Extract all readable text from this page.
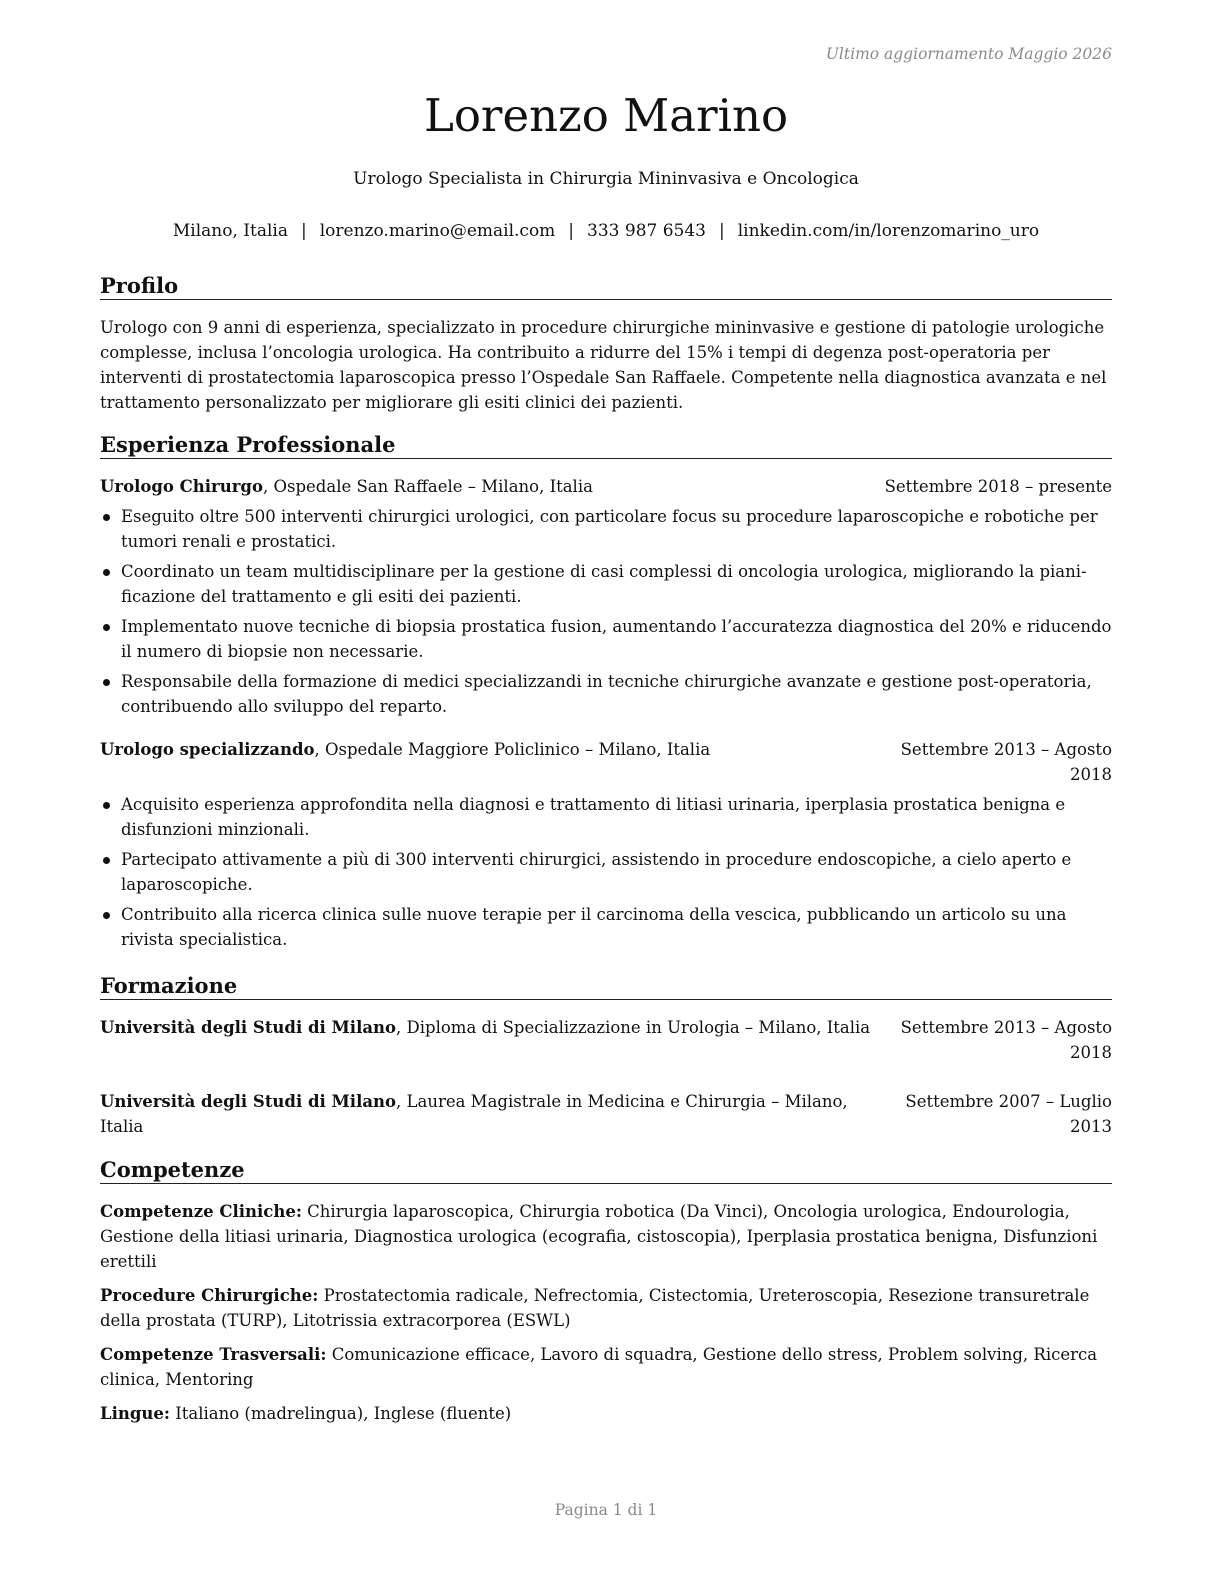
Ultimo aggiornamento Maggio 2026
Lorenzo Marino
Urologo Specialista in Chirurgia Mininvasiva e Oncologica
Milano, Italia | lorenzo.marino@email.com | 333 987 6543 | linkedin.com/in/lorenzomarino_uro
Profilo
Urologo con 9 anni di esperienza, specializzato in procedure chirurgiche mininvasive e gestione di patologie urologiche
complesse, inclusa l’oncologia urologica. Ha contribuito a ridurre del 15% i tempi di degenza post-operatoria per
interventi di prostatectomia laparoscopica presso l’Ospedale San Raffaele. Competente nella diagnostica avanzata e nel
trattamento personalizzato per migliorare gli esiti clinici dei pazienti.
Esperienza Professionale
Urologo Chirurgo, Ospedale San Raffaele – Milano, Italia	Settembre 2018 – presente
Eseguito oltre 500 interventi chirurgici urologici, con particolare focus su procedure laparoscopiche e robotiche per
tumori renali e prostatici.
Coordinato un team multidisciplinare per la gestione di casi complessi di oncologia urologica, migliorando la piani-
ficazione del trattamento e gli esiti dei pazienti.
Implementato nuove tecniche di biopsia prostatica fusion, aumentando l’accuratezza diagnostica del 20% e riducendo
il numero di biopsie non necessarie.
Responsabile della formazione di medici specializzandi in tecniche chirurgiche avanzate e gestione post-operatoria,
contribuendo allo sviluppo del reparto.
Urologo specializzando, Ospedale Maggiore Policlinico – Milano, Italia	Settembre 2013 – Agosto
2018
Acquisito esperienza approfondita nella diagnosi e trattamento di litiasi urinaria, iperplasia prostatica benigna e
disfunzioni minzionali.
Partecipato attivamente a più di 300 interventi chirurgici, assistendo in procedure endoscopiche, a cielo aperto e
laparoscopiche.
Contribuito alla ricerca clinica sulle nuove terapie per il carcinoma della vescica, pubblicando un articolo su una
rivista specialistica.
Formazione
Università degli Studi di Milano, Diploma di Specializzazione in Urologia – Milano, Italia Settembre 2013 – Agosto
2018
Università degli Studi di Milano, Laurea Magistrale in Medicina e Chirurgia – Milano,
Italia
Settembre 2007 – Luglio
2013
Competenze
Competenze Cliniche: Chirurgia laparoscopica, Chirurgia robotica (Da Vinci), Oncologia urologica, Endourologia,
Gestione della litiasi urinaria, Diagnostica urologica (ecografia, cistoscopia), Iperplasia prostatica benigna, Disfunzioni
erettili
Procedure Chirurgiche: Prostatectomia radicale, Nefrectomia, Cistectomia, Ureteroscopia, Resezione transuretrale
della prostata (TURP), Litotrissia extracorporea (ESWL)
Competenze Trasversali: Comunicazione efficace, Lavoro di squadra, Gestione dello stress, Problem solving, Ricerca
clinica, Mentoring
Lingue: Italiano (madrelingua), Inglese (fluente)
Pagina 1 di 1
